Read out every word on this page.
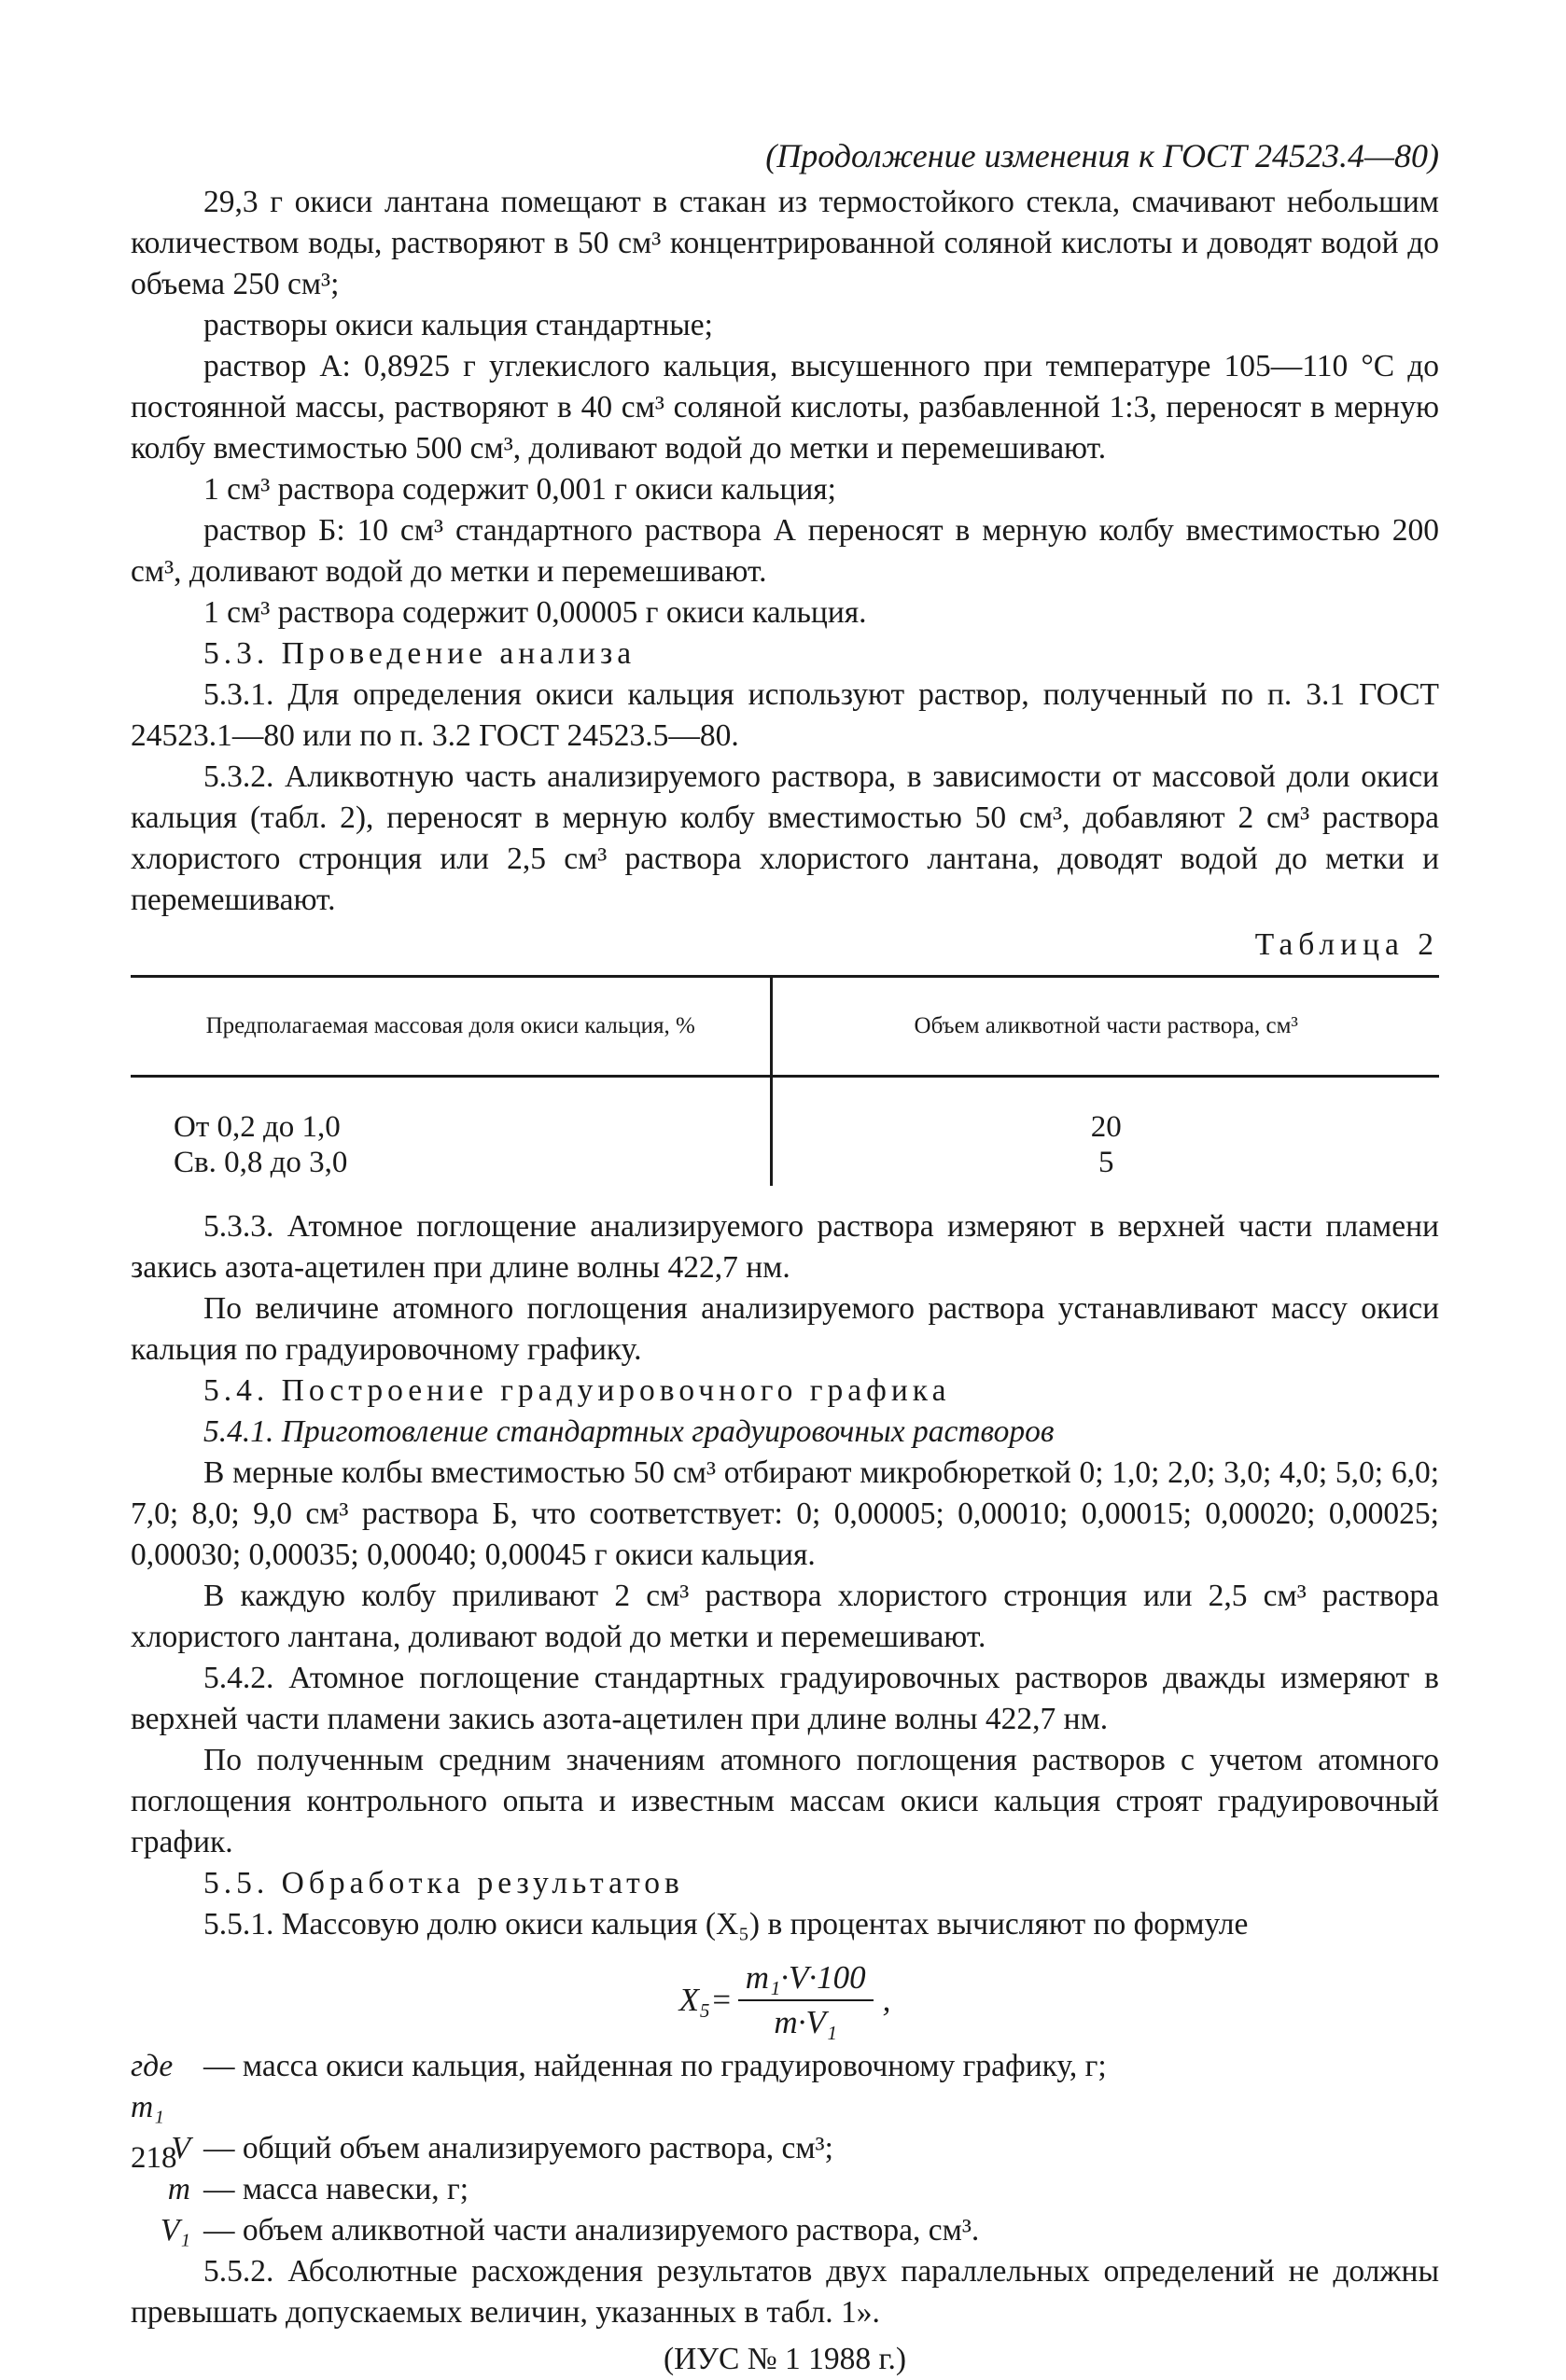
(Продолжение изменения к ГОСТ 24523.4—80)

29,3 г окиси лантана помещают в стакан из термостойкого стекла, смачивают небольшим количеством воды, растворяют в 50 см³ концентрированной соляной кислоты и доводят водой до объема 250 см³;

растворы окиси кальция стандартные;

раствор А: 0,8925 г углекислого кальция, высушенного при температуре 105—110 °С до постоянной массы, растворяют в 40 см³ соляной кислоты, разбавленной 1:3, переносят в мерную колбу вместимостью 500 см³, доливают водой до метки и перемешивают.

1 см³ раствора содержит 0,001 г окиси кальция;

раствор Б: 10 см³ стандартного раствора А переносят в мерную колбу вместимостью 200 см³, доливают водой до метки и перемешивают.

1 см³ раствора содержит 0,00005 г окиси кальция.

5.3. Проведение анализа

5.3.1. Для определения окиси кальция используют раствор, полученный по п. 3.1 ГОСТ 24523.1—80 или по п. 3.2 ГОСТ 24523.5—80.

5.3.2. Аликвотную часть анализируемого раствора, в зависимости от массовой доли окиси кальция (табл. 2), переносят в мерную колбу вместимостью 50 см³, добавляют 2 см³ раствора хлористого стронция или 2,5 см³ раствора хлористого лантана, доводят водой до метки и перемешивают.

Таблица 2

Предполагаемая массовая доля окиси кальция, %	Объем аликвотной части раствора, см³
От 0,2 до 1,0	20
Св. 0,8 до 3,0	5

5.3.3. Атомное поглощение анализируемого раствора измеряют в верхней части пламени закись азота-ацетилен при длине волны 422,7 нм.

По величине атомного поглощения анализируемого раствора устанавливают массу окиси кальция по градуировочному графику.

5.4. Построение градуировочного графика

5.4.1. Приготовление стандартных градуировочных растворов

В мерные колбы вместимостью 50 см³ отбирают микробюреткой 0; 1,0; 2,0; 3,0; 4,0; 5,0; 6,0; 7,0; 8,0; 9,0 см³ раствора Б, что соответствует: 0; 0,00005; 0,00010; 0,00015; 0,00020; 0,00025; 0,00030; 0,00035; 0,00040; 0,00045 г окиси кальция.

В каждую колбу приливают 2 см³ раствора хлористого стронция или 2,5 см³ раствора хлористого лантана, доливают водой до метки и перемешивают.

5.4.2. Атомное поглощение стандартных градуировочных растворов дважды измеряют в верхней части пламени закись азота-ацетилен при длине волны 422,7 нм.

По полученным средним значениям атомного поглощения растворов с учетом атомного поглощения контрольного опыта и известным массам окиси кальция строят градуировочный график.

5.5. Обработка результатов

5.5.1. Массовую долю окиси кальция (X₅) в процентах вычисляют по формуле

$X_5= \frac{\text{m₁·V·100}}{\text{m·V₁}}$ ,
где m₁
— масса окиси кальция, найденная по градуировочному графику, г;
V — общий объем анализируемого раствора, см³;
m — масса навески, г;
V₁ — объем аликвотной части анализируемого раствора, см³.

5.5.2. Абсолютные расхождения результатов двух параллельных определений не должны превышать допускаемых величин, указанных в табл. 1».

(ИУС № 1 1988 г.)

218
